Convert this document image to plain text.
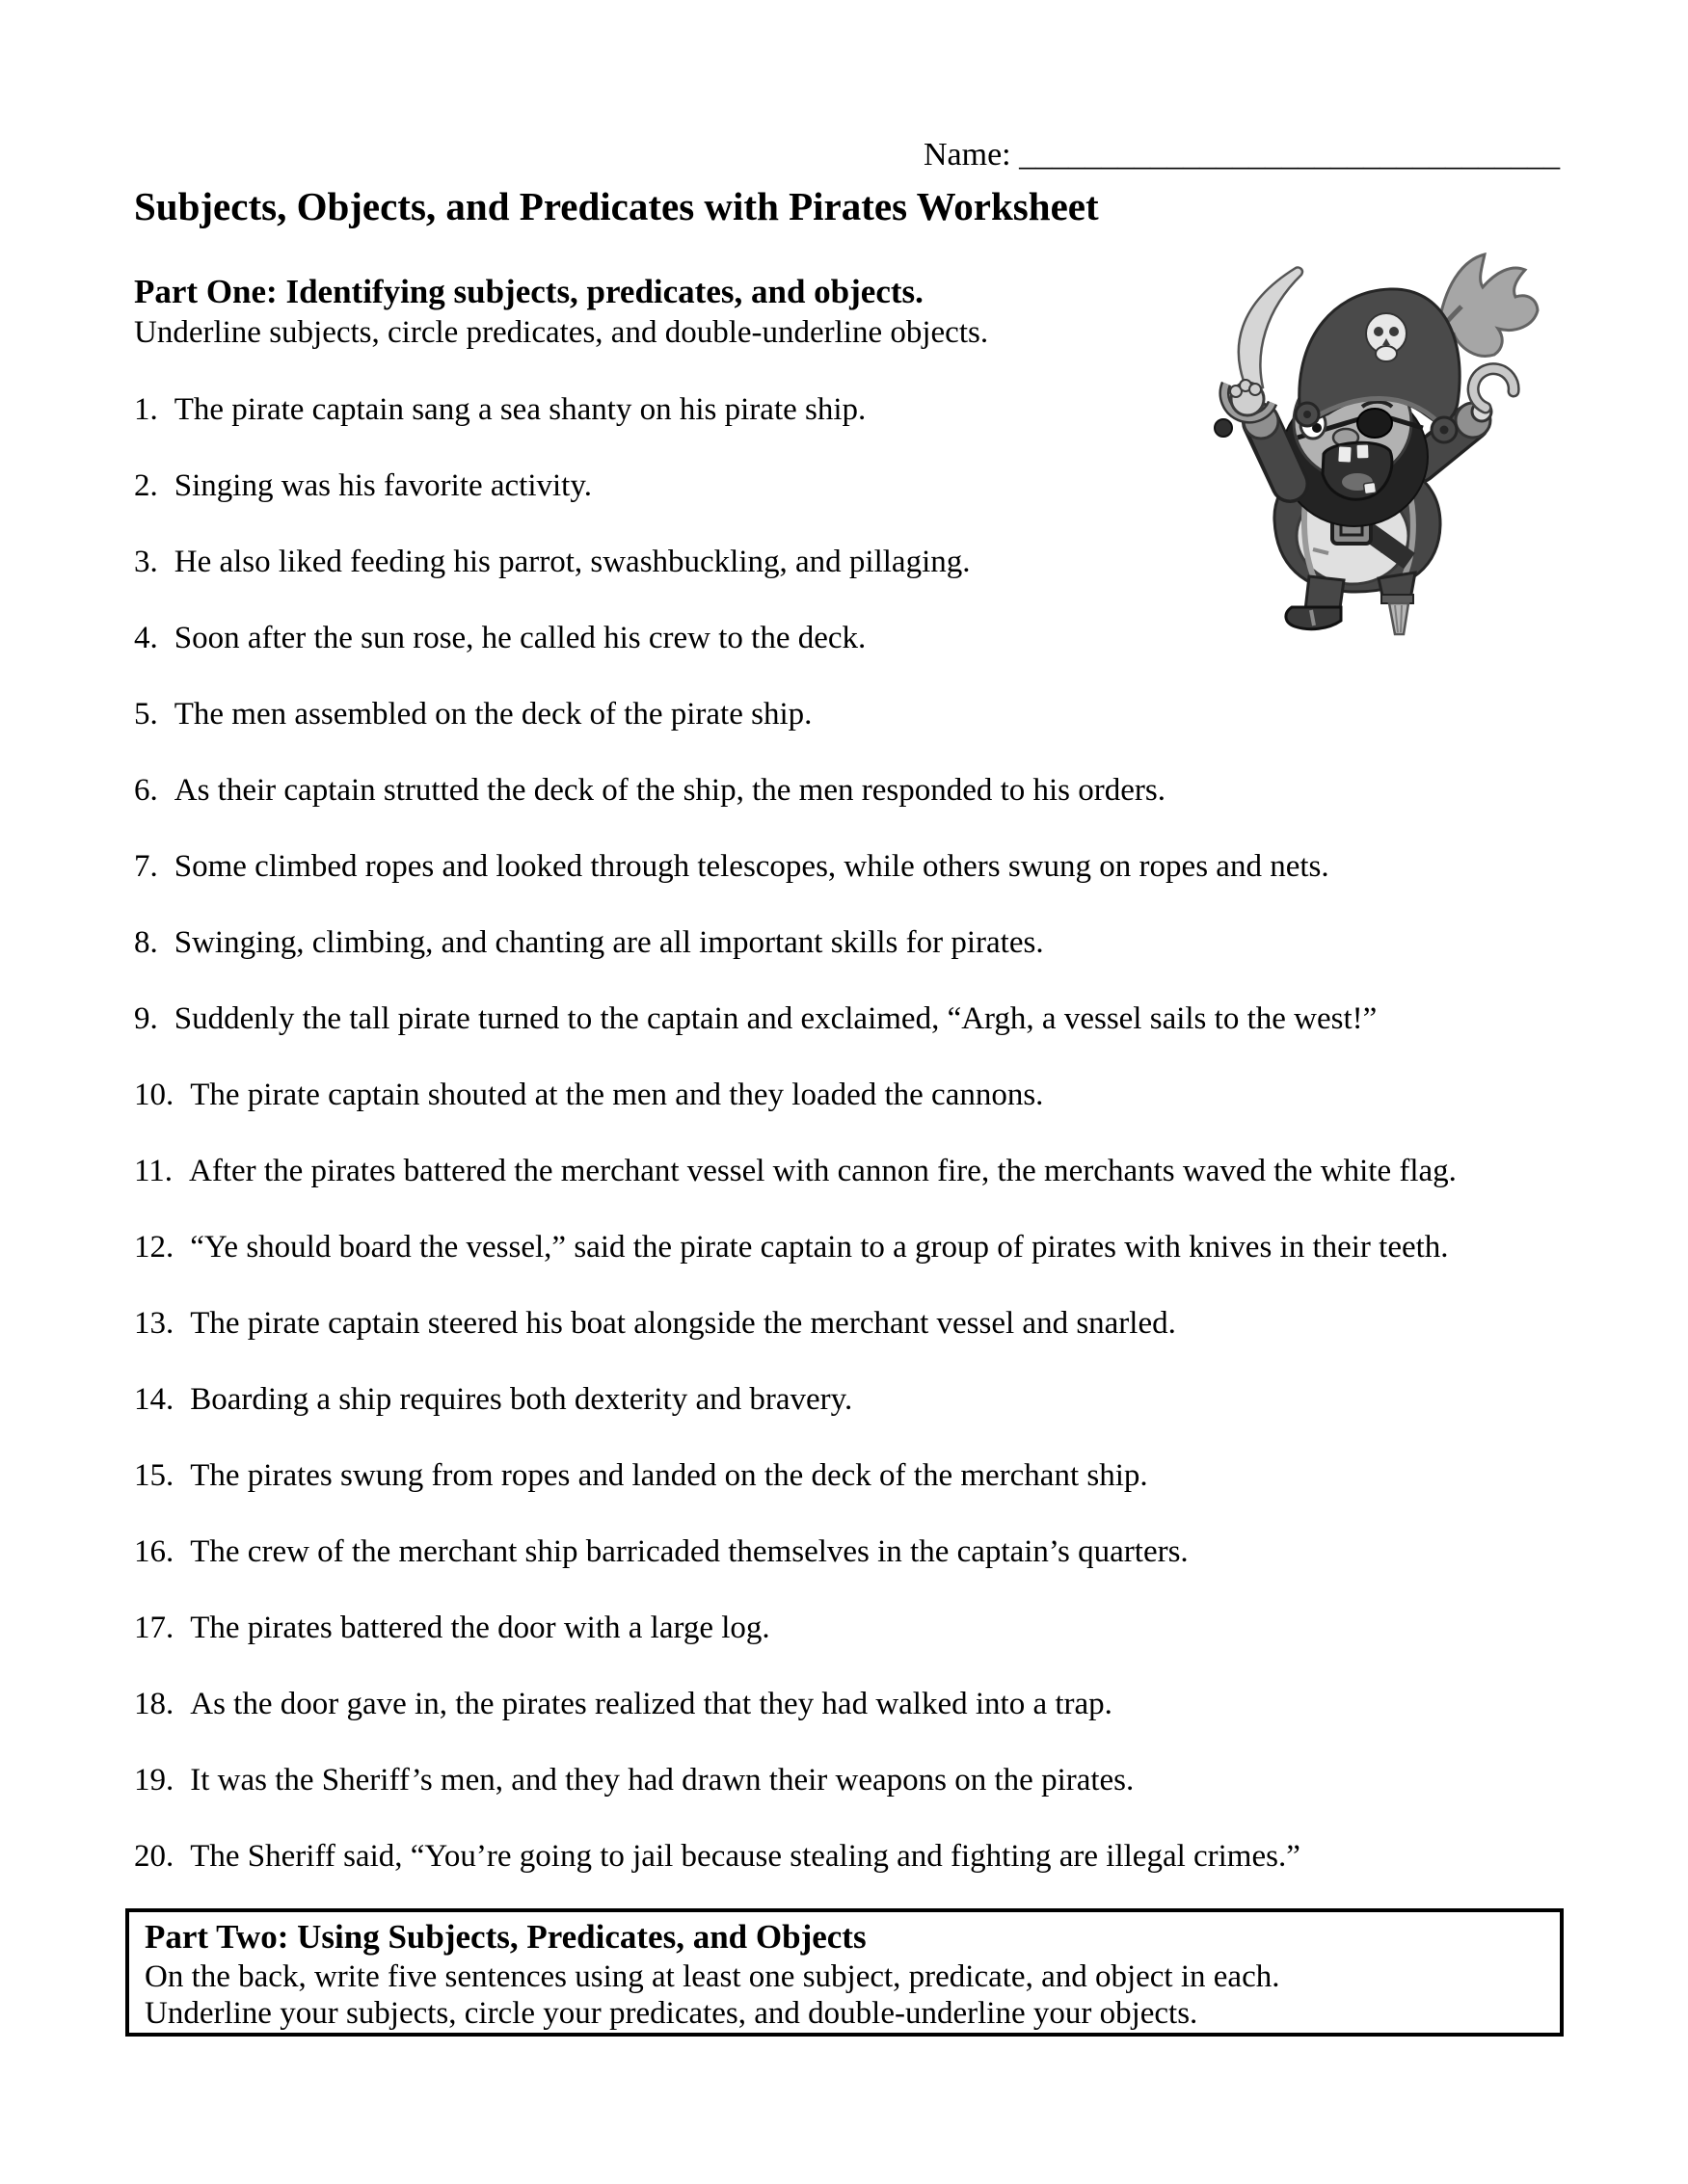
Name: _________________________________
Subjects, Objects, and Predicates with Pirates Worksheet
Part One: Identifying subjects, predicates, and objects.

Underline subjects, circle predicates, and double-underline objects.

1. The pirate captain sang a sea shanty on his pirate ship.
2. Singing was his favorite activity.
3. He also liked feeding his parrot, swashbuckling, and pillaging.
4. Soon after the sun rose, he called his crew to the deck.
5. The men assembled on the deck of the pirate ship.
6. As their captain strutted the deck of the ship, the men responded to his orders.
7. Some climbed ropes and looked through telescopes, while others swung on ropes and nets.
8. Swinging, climbing, and chanting are all important skills for pirates.
9. Suddenly the tall pirate turned to the captain and exclaimed, “Argh, a vessel sails to the west!”
10. The pirate captain shouted at the men and they loaded the cannons.
11. After the pirates battered the merchant vessel with cannon fire, the merchants waved the white flag.
12. “Ye should board the vessel,” said the pirate captain to a group of pirates with knives in their teeth.
13. The pirate captain steered his boat alongside the merchant vessel and snarled.
14. Boarding a ship requires both dexterity and bravery.
15. The pirates swung from ropes and landed on the deck of the merchant ship.
16. The crew of the merchant ship barricaded themselves in the captain’s quarters.
17. The pirates battered the door with a large log.
18. As the door gave in, the pirates realized that they had walked into a trap.
19. It was the Sheriff’s men, and they had drawn their weapons on the pirates.
20. The Sheriff said, “You’re going to jail because stealing and fighting are illegal crimes.”
Part Two: Using Subjects, Predicates, and Objects

On the back, write five sentences using at least one subject, predicate, and object in each.

Underline your subjects, circle your predicates, and double-underline your objects.
